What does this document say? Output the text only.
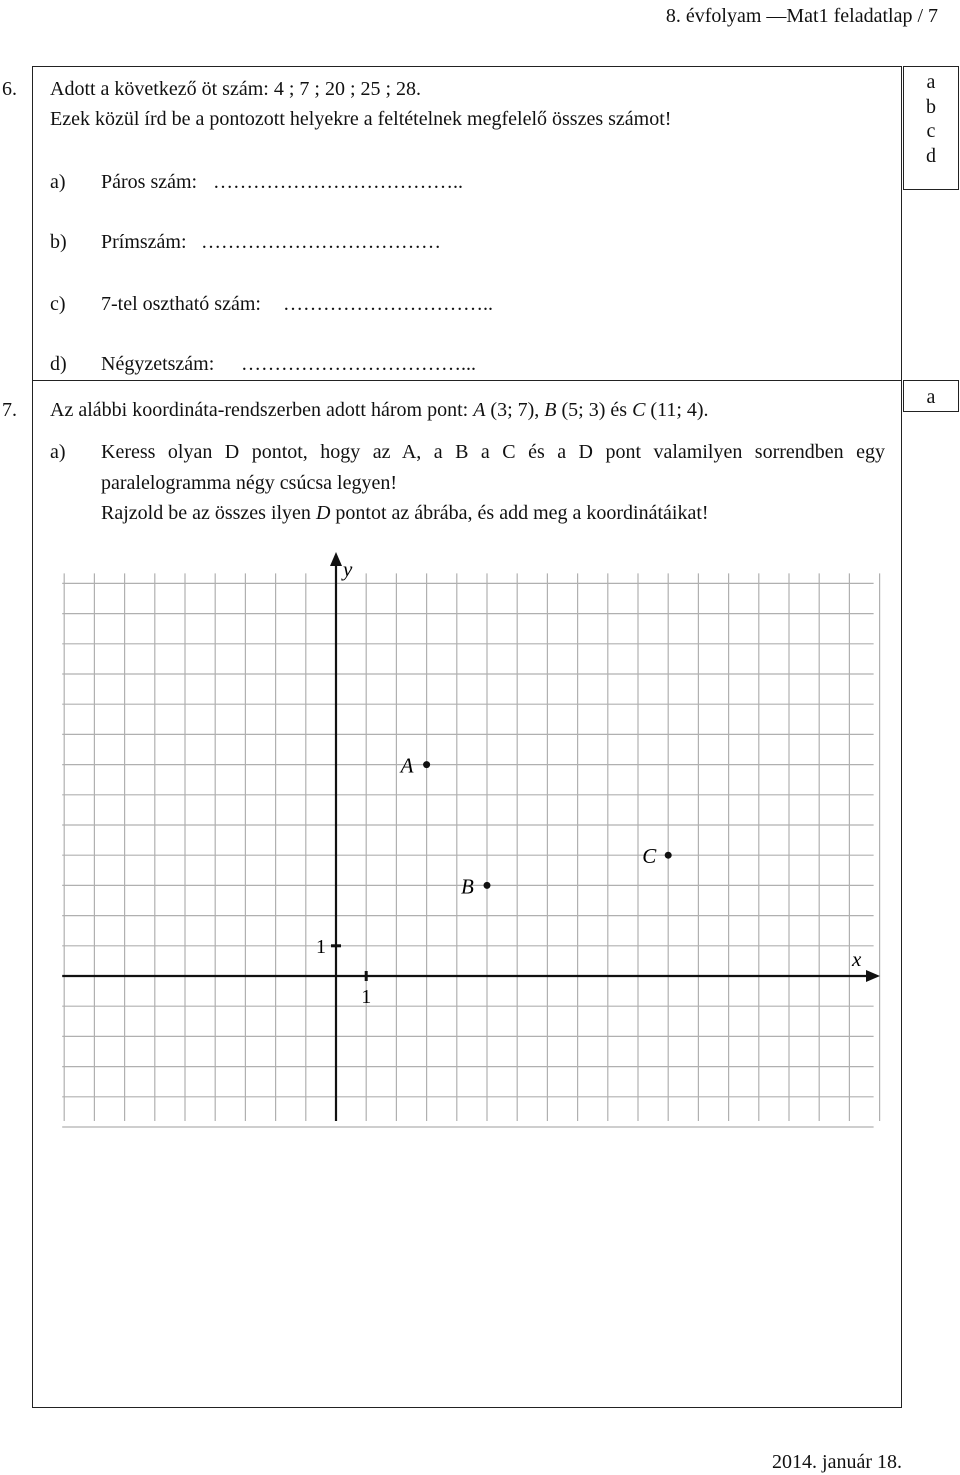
8. évfolyam —Mat1 feladatlap / 7
a
b
c
d
a
6. Adott a következő öt szám: 4 ; 7 ; 20 ; 25 ; 28.
Ezek közül írd be a pontozott helyekre a feltételnek megfelelő összes számot!
a) Páros szám: ………………………………..
b) Prímszám: ………………………………
c) 7-tel osztható szám: …………………………..
d) Négyzetszám: ……………………………...
7. Az alábbi koordináta-rendszerben adott három pont: A (3; 7), B (5; 3) és C (11; 4).
a) Keress olyan D pontot, hogy az A, a B a C és a D pont valamilyen sorrendben egy
paralelogramma négy csúcsa legyen!
Rajzold be az összes ilyen D pontot az ábrába, és add meg a koordinátáikat!
x
y
1
1
A
B
C
2014. január 18.
